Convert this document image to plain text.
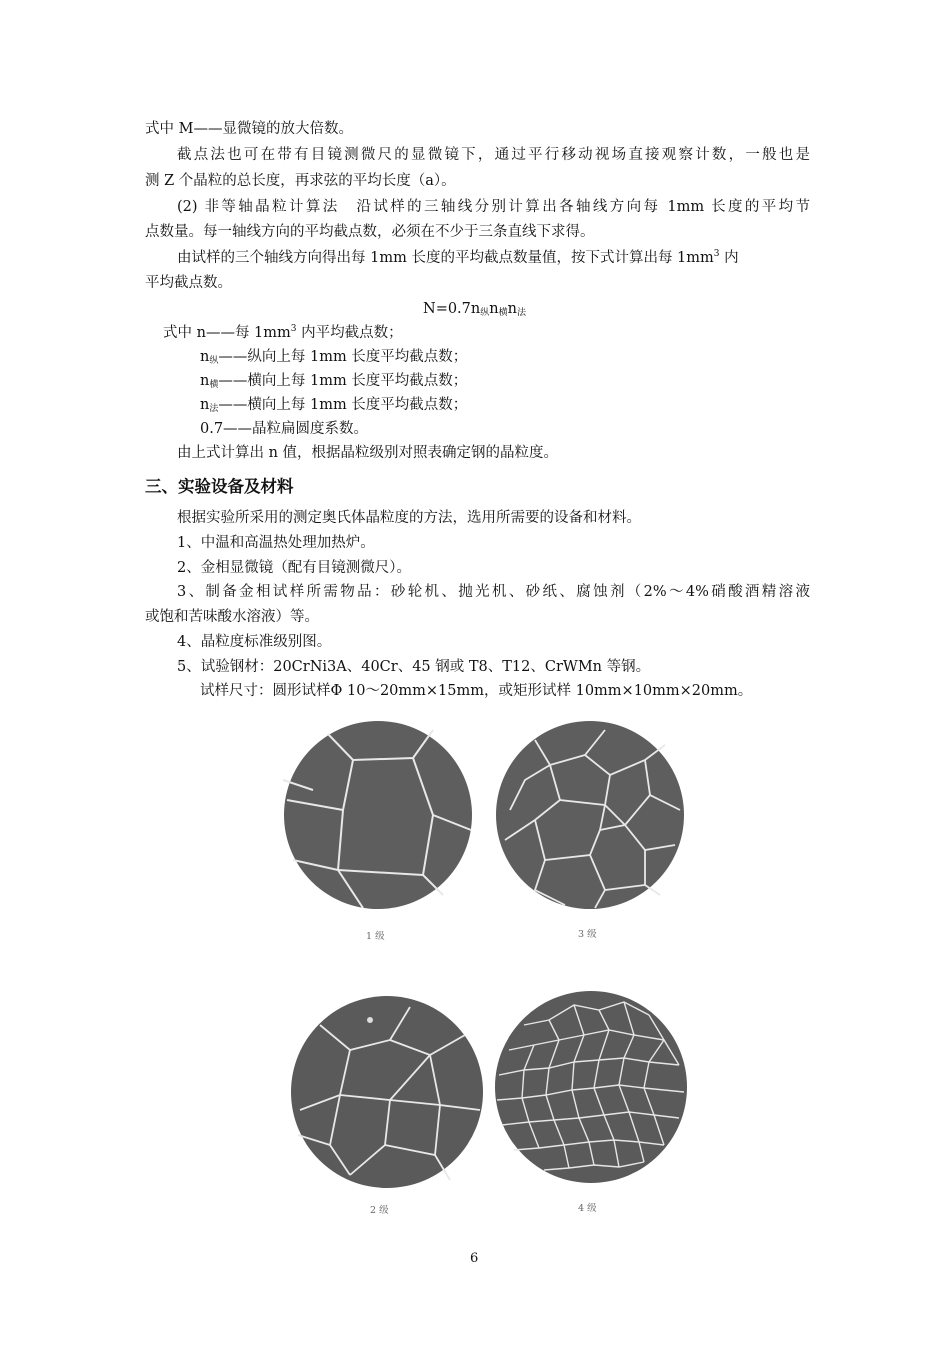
式中 M——显微镜的放大倍数。
截点法也可在带有目镜测微尺的显微镜下，通过平行移动视场直接观察计数，一般也是
测 Z 个晶粒的总长度，再求弦的平均长度（a）。
(2) 非等轴晶粒计算法　沿试样的三轴线分别计算出各轴线方向每 1mm 长度的平均节
点数量。每一轴线方向的平均截点数，必须在不少于三条直线下求得。
由试样的三个轴线方向得出每 1mm 长度的平均截点数量值，按下式计算出每 $1mm^3$ 内
平均截点数。
N=0.7n纵n横n法
式中 n——每 $1mm^3$ 内平均截点数；
n纵——纵向上每 1mm 长度平均截点数；
n横——横向上每 1mm 长度平均截点数；
n法——横向上每 1mm 长度平均截点数；
0.7——晶粒扁圆度系数。
由上式计算出 n 值，根据晶粒级别对照表确定钢的晶粒度。
三、实验设备及材料
根据实验所采用的测定奥氏体晶粒度的方法，选用所需要的设备和材料。
1、中温和高温热处理加热炉。
2、金相显微镜（配有目镜测微尺）。
3、制备金相试样所需物品：砂轮机、抛光机、砂纸、腐蚀剂（2%～4%硝酸酒精溶液
或饱和苦味酸水溶液）等。
4、晶粒度标准级别图。
5、试验钢材：20CrNi3A、40Cr、45 钢或 T8、T12、CrWMn 等钢。
试样尺寸：圆形试样Φ 10～20mm×15mm，或矩形试样 10mm×10mm×20mm。
1 级	3 级
2 级	4 级
6
